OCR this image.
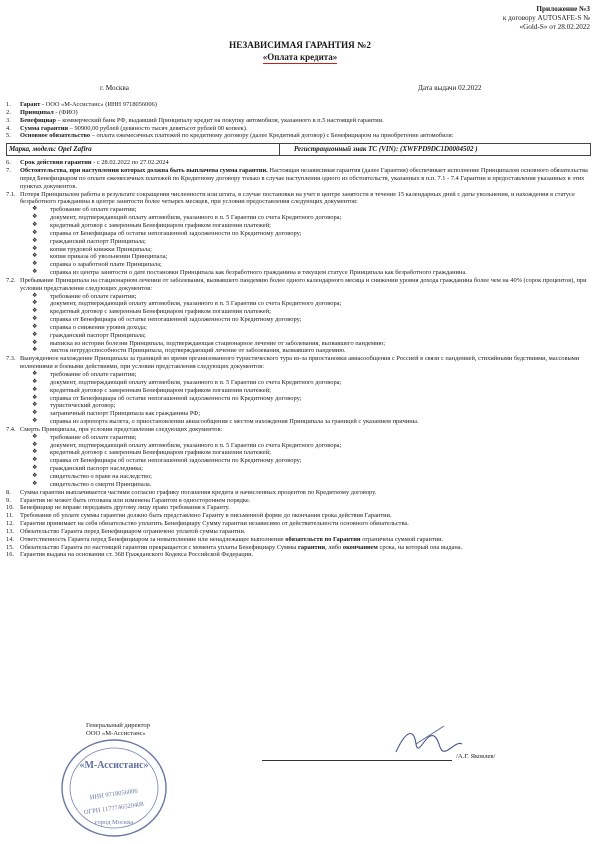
Приложение №3
к договору AUTOSAFE-S №
«Gold-S» от 28.02.2022
НЕЗАВИСИМАЯ ГАРАНТИЯ №2
«Оплата кредита»
г. Москва	Дата выдачи 02.2022
1.	Гарант - ООО «М-Ассистанс» (ИНН 9718056006)
2.	Принципал - (ФИО)
3.	Бенефициар – коммерческий банк РФ, выдавший Принципалу кредит на покупку автомобиля, указанного в п.5 настоящей гарантии.
4.	Сумма гарантии – 90900,00 рублей (девяносто тысяч девятьсот рублей 00 копеек).
5.	Основное обязательство – оплата ежемесячных платежей по кредитному договору (далее Кредитный договор) с Бенефициаром на приобретение автомобиля:
Марка, модель: Opel Zafira	Регистрационный знак ТС (VIN): (XWFPD9DC1D0004502 )
6.	Срок действия гарантии - с 28.02.2022 по 27.02.2024
7.	Обстоятельства, при наступлении которых должна быть выплачена сумма гарантии. Настоящая независимая гарантия (далее Гарантия) обеспечивает исполнение Принципалом основного обязательства перед Бенефициаром по оплате ежемесячных платежей по Кредитному договору только в случае наступления одного из обстоятельств, указанных в п.п. 7.1 - 7.4 Гарантии и предоставления указанных в этих пунктах документов.
7.1. Потеря Принципалом работы в результате сокращения численности или штата, в случае постановки на учет в центре занятости в течение 15 календарных дней с даты увольнения, и нахождения в статусе безработного гражданина в центре занятости более четырех месяцев, при условии предоставления следующих документов:
❖	требование об оплате гарантии;
❖	документ, подтверждающий оплату автомобиля, указанного в п. 5 Гарантии со счета Кредитного договора;
❖	кредитный договор с заверенным Бенефициаром графиком погашения платежей;
❖	справка от Бенефициара об остатке непогашенной задолженности по Кредитному договору;
❖	гражданский паспорт Принципала;
❖	копия трудовой книжки Принципала;
❖	копия приказа об увольнении Принципала;
❖	справка о заработной плате Принципала;
❖	справка из центра занятости о дате постановки Принципала как безработного гражданина и текущем статусе Принципала как безработного гражданина.
7.2. Пребывание Принципала на стационарном лечении от заболевания, вызвавшего пандемию более одного календарного месяца и снижении уровня дохода гражданина более чем на 40% (сорок процентов), при условии представления следующих документов:
❖	требование об оплате гарантии;
❖	документ, подтверждающий оплату автомобиля, указанного в п. 5 Гарантии со счета Кредитного договора;
❖	кредитный договор с заверенным Бенефициаром графиком погашения платежей;
❖	справка от Бенефициара об остатке непогашенной задолженности по Кредитному договору;
❖	справка о снижении уровня дохода;
❖	гражданский паспорт Принципала;
❖	выписка из истории болезни Принципала, подтверждающая стационарное лечение от заболевания, вызвавшего пандемию;
❖	листок нетрудоспособности Принципала, подтверждающий лечение от заболевания, вызвавшего пандемию.
7.3. Вынужденное нахождение Принципала за границей во время организованного туристического тура из-за приостановки авиасообщения с Россией в связи с пандемией, стихийными бедствиями, массовыми волнениями и боевыми действиями, при условии представления следующих документов:
❖	требование об оплате гарантии;
❖	документ, подтверждающий оплату автомобиля, указанного в п. 5 Гарантии со счета Кредитного договора;
❖	кредитный договор с заверенным Бенефициаром графиком погашения платежей;
❖	справка от Бенефициара об остатке непогашенной задолженности по Кредитному договору;
❖	туристический договор;
❖	заграничный паспорт Принципала как гражданина РФ;
❖	справка из аэропорта вылета, о приостановлении авиасообщения с местом нахождения Принципала за границей с указанием причины.
7.4. Смерть Принципала, при условии представления следующих документов:
❖	требование об оплате гарантии;
❖	документ, подтверждающий оплату автомобиля, указанного в п. 5 Гарантии со счета Кредитного договора;
❖	кредитный договор с заверенным Бенефициаром графиком погашения платежей;
❖	справка от Бенефициара об остатке непогашенной задолженности по Кредитному договору;
❖	гражданский паспорт наследника;
❖	свидетельство о праве на наследство;
❖	свидетельство о смерти Принципала.
8.	Сумма гарантии выплачивается частями согласно графику погашения кредита и начисленных процентов по Кредитному договору.
9.	Гарантия не может быть отозвана или изменена Гарантом в одностороннем порядке.
10. Бенефициар не вправе передавать другому лицу право требования к Гаранту.
11. Требование об уплате суммы гарантии должно быть представлено Гаранту в письменной форме до окончания срока действия Гарантии.
12. Гарантия принимает на себя обязательство уплатить Бенефициару Сумму гарантии независимо от действительности основного обязательства.
13. Обязательство Гаранта перед Бенефициаром ограничено уплатой суммы гарантии.
14. Ответственность Гаранта перед Бенефициаром за невыполнение или ненадлежащее выполнение обязательств по Гарантии ограничена суммой гарантии.
15. Обязательство Гаранта по настоящей гарантии прекращается с момента уплаты Бенефициару Суммы гарантии, либо окончанием срока, на который она выдана.
16. Гарантия выдана на основании ст. 368 Гражданского Кодекса Российской Федерации.
«М-Ассистанс»
ИНН 9718056006
ОГРН 1177746520408
город Москва
Генеральный директор
ООО «М-Ассистанс»
/А.Г. Яковлев/
